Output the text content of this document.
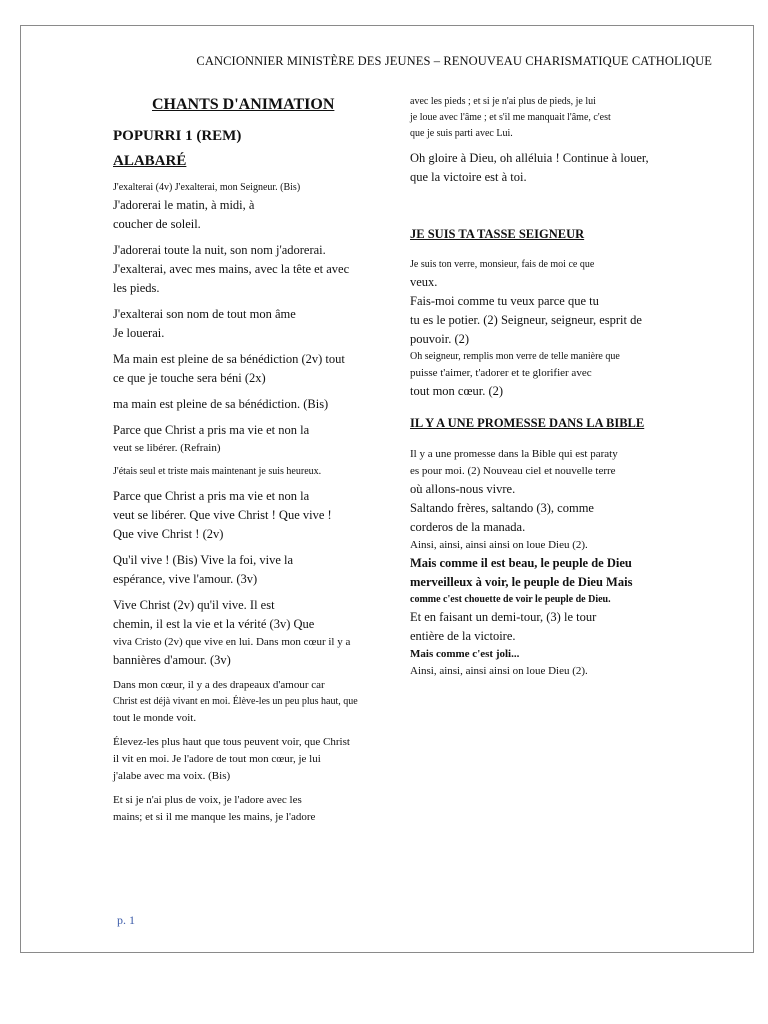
CANCIONNIER MINISTÈRE DES JEUNES – RENOUVEAU CHARISMATIQUE CATHOLIQUE
CHANTS D'ANIMATION
POPURRI 1 (REM)
ALABARÉ

J'exalterai (4v) J'exalterai, mon Seigneur. (Bis)

J'adorerai le matin, à midi, à

coucher de soleil.

J'adorerai toute la nuit, son nom j'adorerai.

J'exalterai, avec mes mains, avec la tête et avec

les pieds.

J'exalterai son nom de tout mon âme

Je louerai.

Ma main est pleine de sa bénédiction (2v) tout

ce que je touche sera béni (2x)

ma main est pleine de sa bénédiction. (Bis)

Parce que Christ a pris ma vie et non la

veut se libérer. (Refrain)

J'étais seul et triste mais maintenant je suis heureux.

Parce que Christ a pris ma vie et non la

veut se libérer. Que vive Christ ! Que vive !

Que vive Christ ! (2v)

Qu'il vive ! (Bis) Vive la foi, vive la

espérance, vive l'amour. (3v)

Vive Christ (2v) qu'il vive. Il est

chemin, il est la vie et la vérité (3v) Que

viva Cristo (2v) que vive en lui. Dans mon cœur il y a

bannières d'amour. (3v)

Dans mon cœur, il y a des drapeaux d'amour car

Christ est déjà vivant en moi. Élève-les un peu plus haut, que

tout le monde voit.

Élevez-les plus haut que tous peuvent voir, que Christ

il vit en moi. Je l'adore de tout mon cœur, je lui

j'alabe avec ma voix. (Bis)

Et si je n'ai plus de voix, je l'adore avec les

mains; et si il me manque les mains, je l'adore

avec les pieds ; et si je n'ai plus de pieds, je lui

je loue avec l'âme ; et s'il me manquait l'âme, c'est

que je suis parti avec Lui.

Oh gloire à Dieu, oh alléluia ! Continue à louer,

que la victoire est à toi.

JE SUIS TA TASSE SEIGNEUR

Je suis ton verre, monsieur, fais de moi ce que

veux.

Fais-moi comme tu veux parce que tu

tu es le potier. (2) Seigneur, seigneur, esprit de

pouvoir. (2)

Oh seigneur, remplis mon verre de telle manière que

puisse t'aimer, t'adorer et te glorifier avec

tout mon cœur. (2)

IL Y A UNE PROMESSE DANS LA BIBLE

Il y a une promesse dans la Bible qui est paraty

es pour moi. (2) Nouveau ciel et nouvelle terre

où allons-nous vivre.

Saltando frères, saltando (3), comme

corderos de la manada.

Ainsi, ainsi, ainsi ainsi on loue Dieu (2).

Mais comme il est beau, le peuple de Dieu

merveilleux à voir, le peuple de Dieu Mais

comme c'est chouette de voir le peuple de Dieu.

Et en faisant un demi-tour, (3) le tour

entière de la victoire.

Mais comme c'est joli...

Ainsi, ainsi, ainsi ainsi on loue Dieu (2).

p. 1
